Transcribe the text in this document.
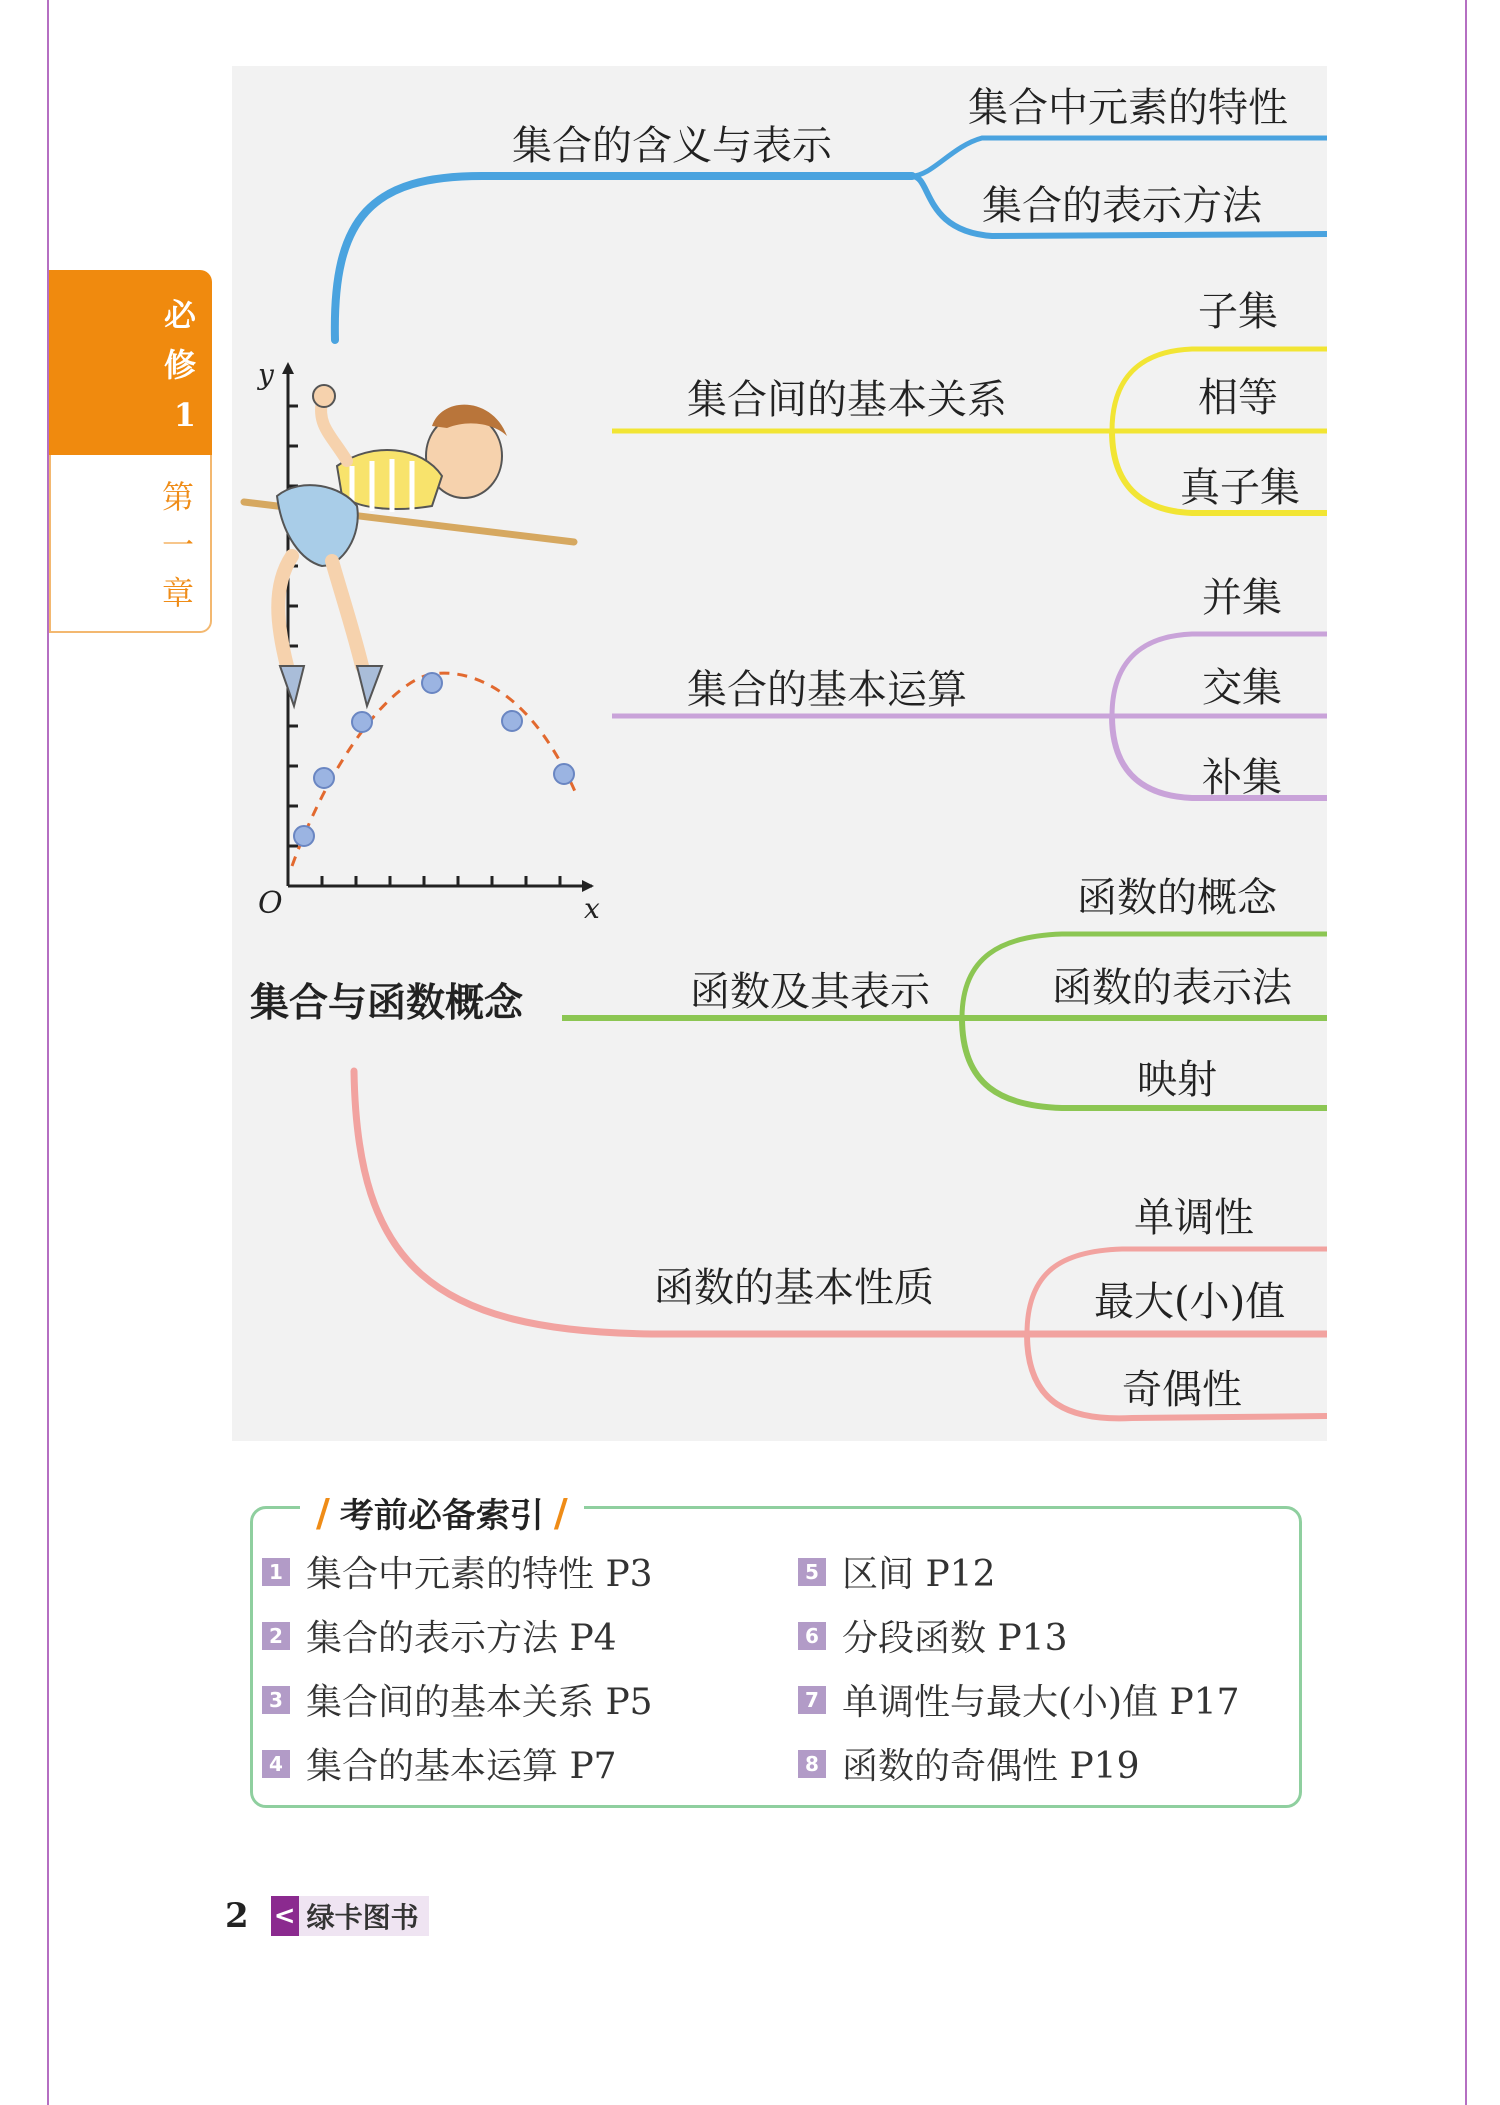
必
修
1
第
一
章
y
O	x
集合与函数概念
集合的含义与表示
集合中元素的特性
集合的表示方法
集合间的基本关系
子集
相等
真子集
集合的基本运算
并集
交集
补集
函数及其表示
函数的概念
函数的表示法
映射
函数的基本性质
单调性
最大(小)值
奇偶性
/ 考前必备索引 /
1 集合中元素的特性 P3
2 集合的表示方法 P4
3 集合间的基本关系 P5
4 集合的基本运算 P7
5 区间 P12
6 分段函数 P13
7 单调性与最大(小)值 P17
8 函数的奇偶性 P19
2 < 绿卡图书
